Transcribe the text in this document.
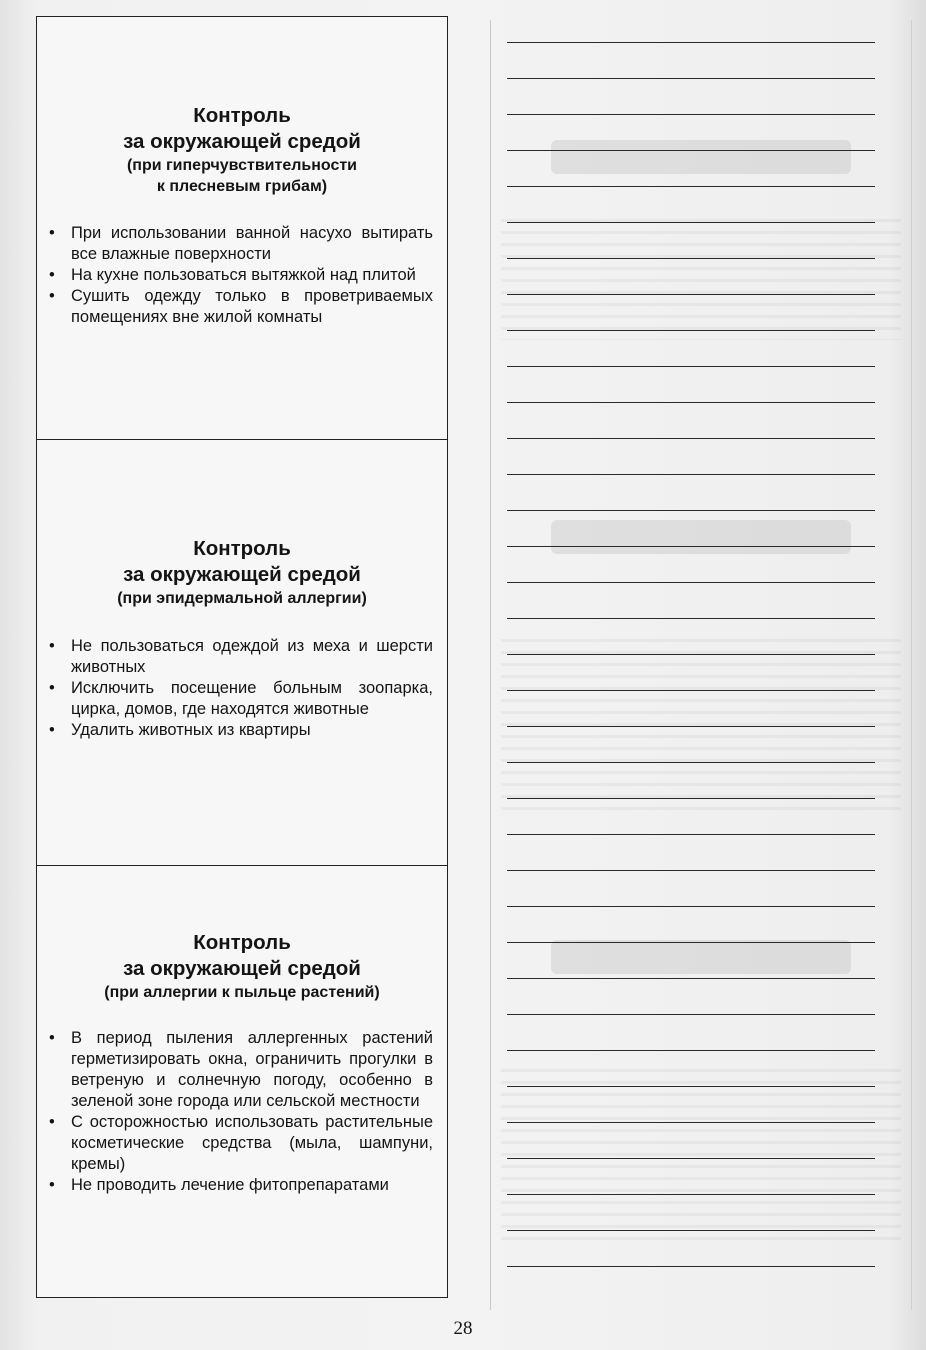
Контроль

за окружающей средой

(при гиперчувствительности
к плесневым грибам)
• При использовании ванной насухо вытирать все влажные поверхности
• На кухне пользоваться вытяжкой над плитой
• Сушить одежду только в проветриваемых помещениях вне жилой комнаты

Контроль

за окружающей средой

(при эпидермальной аллергии)
• Не пользоваться одеждой из меха и шерсти животных
• Исключить посещение больным зоопарка, цирка, домов, где находятся животные
• Удалить животных из квартиры

Контроль

за окружающей средой

(при аллергии к пыльце растений)
• В период пыления аллергенных растений герметизировать окна, ограничить прогулки в ветреную и солнечную погоду, особенно в зеленой зоне города или сельской местности
• С осторожностью использовать растительные косметические средства (мыла, шампуни, кремы)
• Не проводить лечение фитопрепаратами
28
